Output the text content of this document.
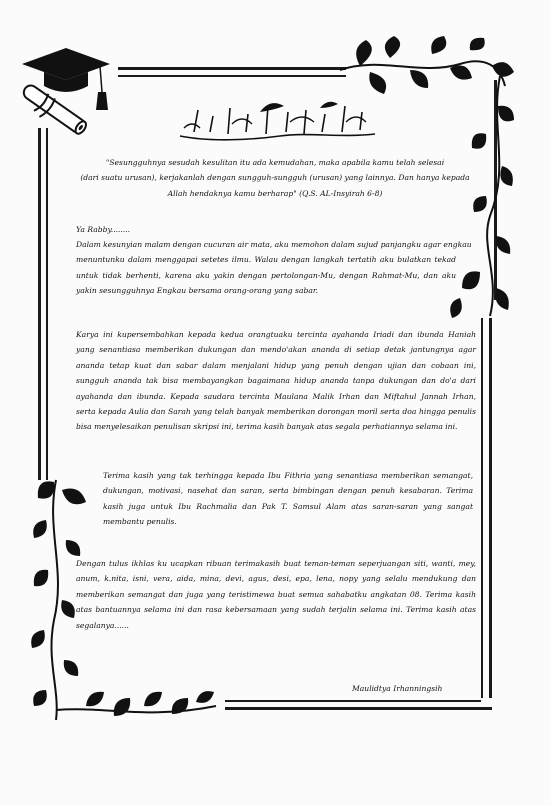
بسم الله الرحمن الرحيم
"Sesungguhnya sesudah kesulitan itu ada kemudahan, maka apabila kamu telah selesai
(dari suatu urusan), kerjakanlah dengan sungguh-sungguh (urusan) yang lainnya. Dan hanya kepada
Allah hendaknya kamu berharap" (Q.S. AL-Insyirah 6-8)
Ya Rabby........
Dalam kesunyian malam dengan cucuran air mata, aku memohon dalam sujud panjangku agar engkau
menuntunku dalam menggapai setetes ilmu. Walau dengan langkah tertatih aku bulatkan tekad
untuk tidak berhenti, karena aku yakin dengan pertolongan-Mu, dengan Rahmat-Mu, dan aku
yakin sesungguhnya Engkau bersama orang-orang yang sabar.
Karya ini kupersembahkan kepada kedua orangtuaku tercinta ayahanda Iriadi dan ibunda Haniah
yang senantiasa memberikan dukungan dan mendo'akan ananda di setiap detak jantungnya agar
ananda tetap kuat dan sabar dalam menjalani hidup yang penuh dengan ujian dan cobaan ini,
sungguh ananda tak bisa membayangkan bagaimana hidup ananda tanpa dukungan dan do'a dari
ayahanda dan ibunda. Kepada saudara tercinta Maulana Malik Irhan dan Miftahul Jannah Irhan,
serta kepada Aulia dan Sarah yang telah banyak memberikan dorongan moril serta doa hingga penulis
bisa menyelesaikan penulisan skripsi ini, terima kasih banyak atas segala perhatiannya selama ini.
Terima kasih yang tak terhingga kepada Ibu Fithria yang senantiasa memberikan semangat,
dukungan, motivasi, nasehat dan saran, serta bimbingan dengan penuh kesabaran. Terima
kasih juga untuk Ibu Rachmalia dan Pak T. Samsul Alam atas saran-saran yang sangat
membantu penulis.
Dengan tulus ikhlas ku ucapkan ribuan terimakasih buat teman-teman seperjuangan siti, wanti, mey,
anum, k.nita, isni, vera, aida, mina, devi, agus, desi, epa, lena, nopy yang selalu mendukung dan
memberikan semangat dan juga yang teristimewa buat semua sahabatku angkatan 08. Terima kasih
atas bantuannya selama ini dan rasa kebersamaan yang sudah terjalin selama ini. Terima kasih atas
segalanya......
Maulidtya Irhanningsih
